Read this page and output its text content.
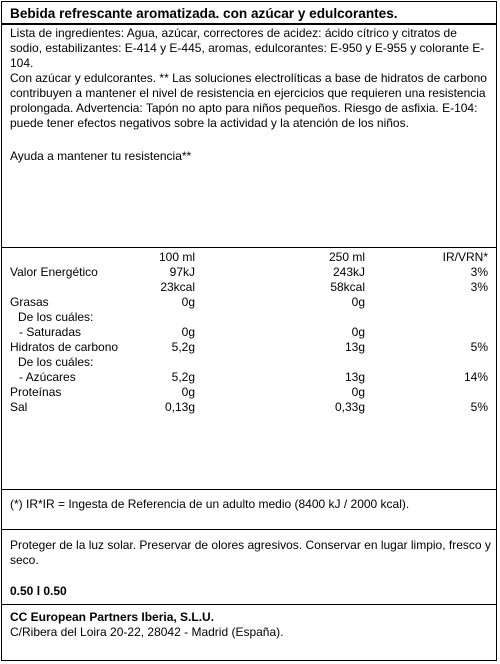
Bebida refrescante aromatizada. con azúcar y edulcorantes.
Lista de ingredientes: Agua, azúcar, correctores de acidez: ácido cítrico y citratos de sodio, estabilizantes: E-414 y E-445, aromas, edulcorantes: E-950 y E-955 y colorante E-104.
Con azúcar y edulcorantes. ** Las soluciones electrolíticas a base de hidratos de carbono contribuyen a mantener el nivel de resistencia en ejercicios que requieren una resistencia prolongada. Advertencia: Tapón no apto para niños pequeños. Riesgo de asfixia. E-104: puede tener efectos negativos sobre la actividad y la atención de los niños.
Ayuda a mantener tu resistencia**
100 ml	250 ml	IR/VRN*
Valor Energético	97kJ	243kJ	3%
23kcal	58kcal	3%
Grasas	0g	0g
De los cuáles:
- Saturadas	0g	0g
Hidratos de carbono	5,2g	13g	5%
De los cuáles:
- Azúcares	5,2g	13g	14%
Proteínas	0g	0g
Sal	0,13g	0,33g	5%
(*) IR*IR = Ingesta de Referencia de un adulto medio (8400 kJ / 2000 kcal).
Proteger de la luz solar. Preservar de olores agresivos. Conservar en lugar limpio, fresco y seco.
0.50 l 0.50
CC European Partners Iberia, S.L.U.
C/Ribera del Loira 20-22, 28042 - Madrid (España).
